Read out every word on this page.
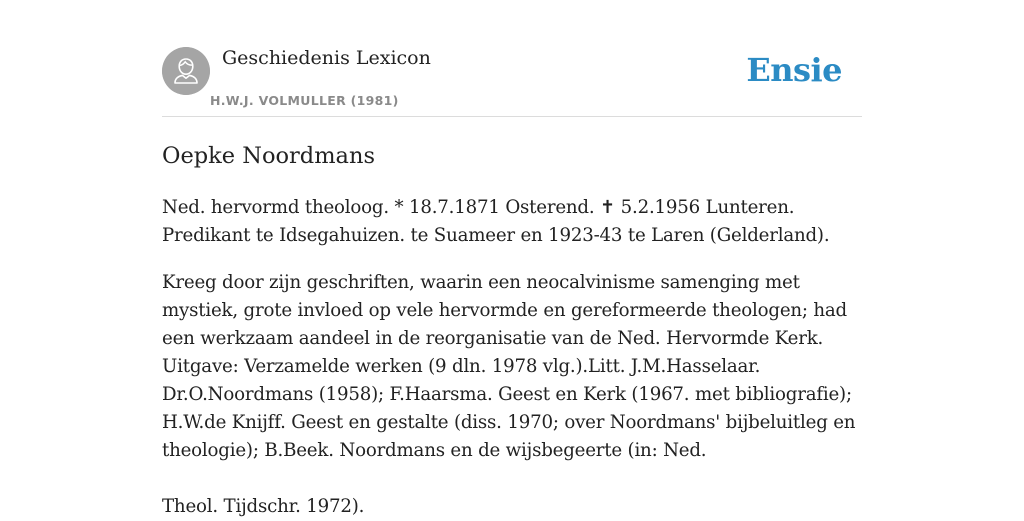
Geschiedenis Lexicon
H.W.J. VOLMULLER (1981)
Ensie
Oepke Noordmans

Ned. hervormd theoloog. * 18.7.1871 Osterend. ✝ 5.2.1956 Lunteren. Predikant te Idsegahuizen. te Suameer en 1923-43 te Laren (Gelderland).

Kreeg door zijn geschriften, waarin een neocalvinisme samenging met mystiek, grote invloed op vele hervormde en gereformeerde theologen; had een werkzaam aandeel in de reorganisatie van de Ned. Hervormde Kerk. Uitgave: Verzamelde werken (9 dln. 1978 vlg.).Litt. J.M.Hasselaar. Dr.O.Noordmans (1958); F.Haarsma. Geest en Kerk (1967. met bibliografie); H.W.de Knijff. Geest en gestalte (diss. 1970; over Noordmans' bijbeluitleg en theologie); B.Beek. Noordmans en de wijsbegeerte (in: Ned.

Theol. Tijdschr. 1972).
